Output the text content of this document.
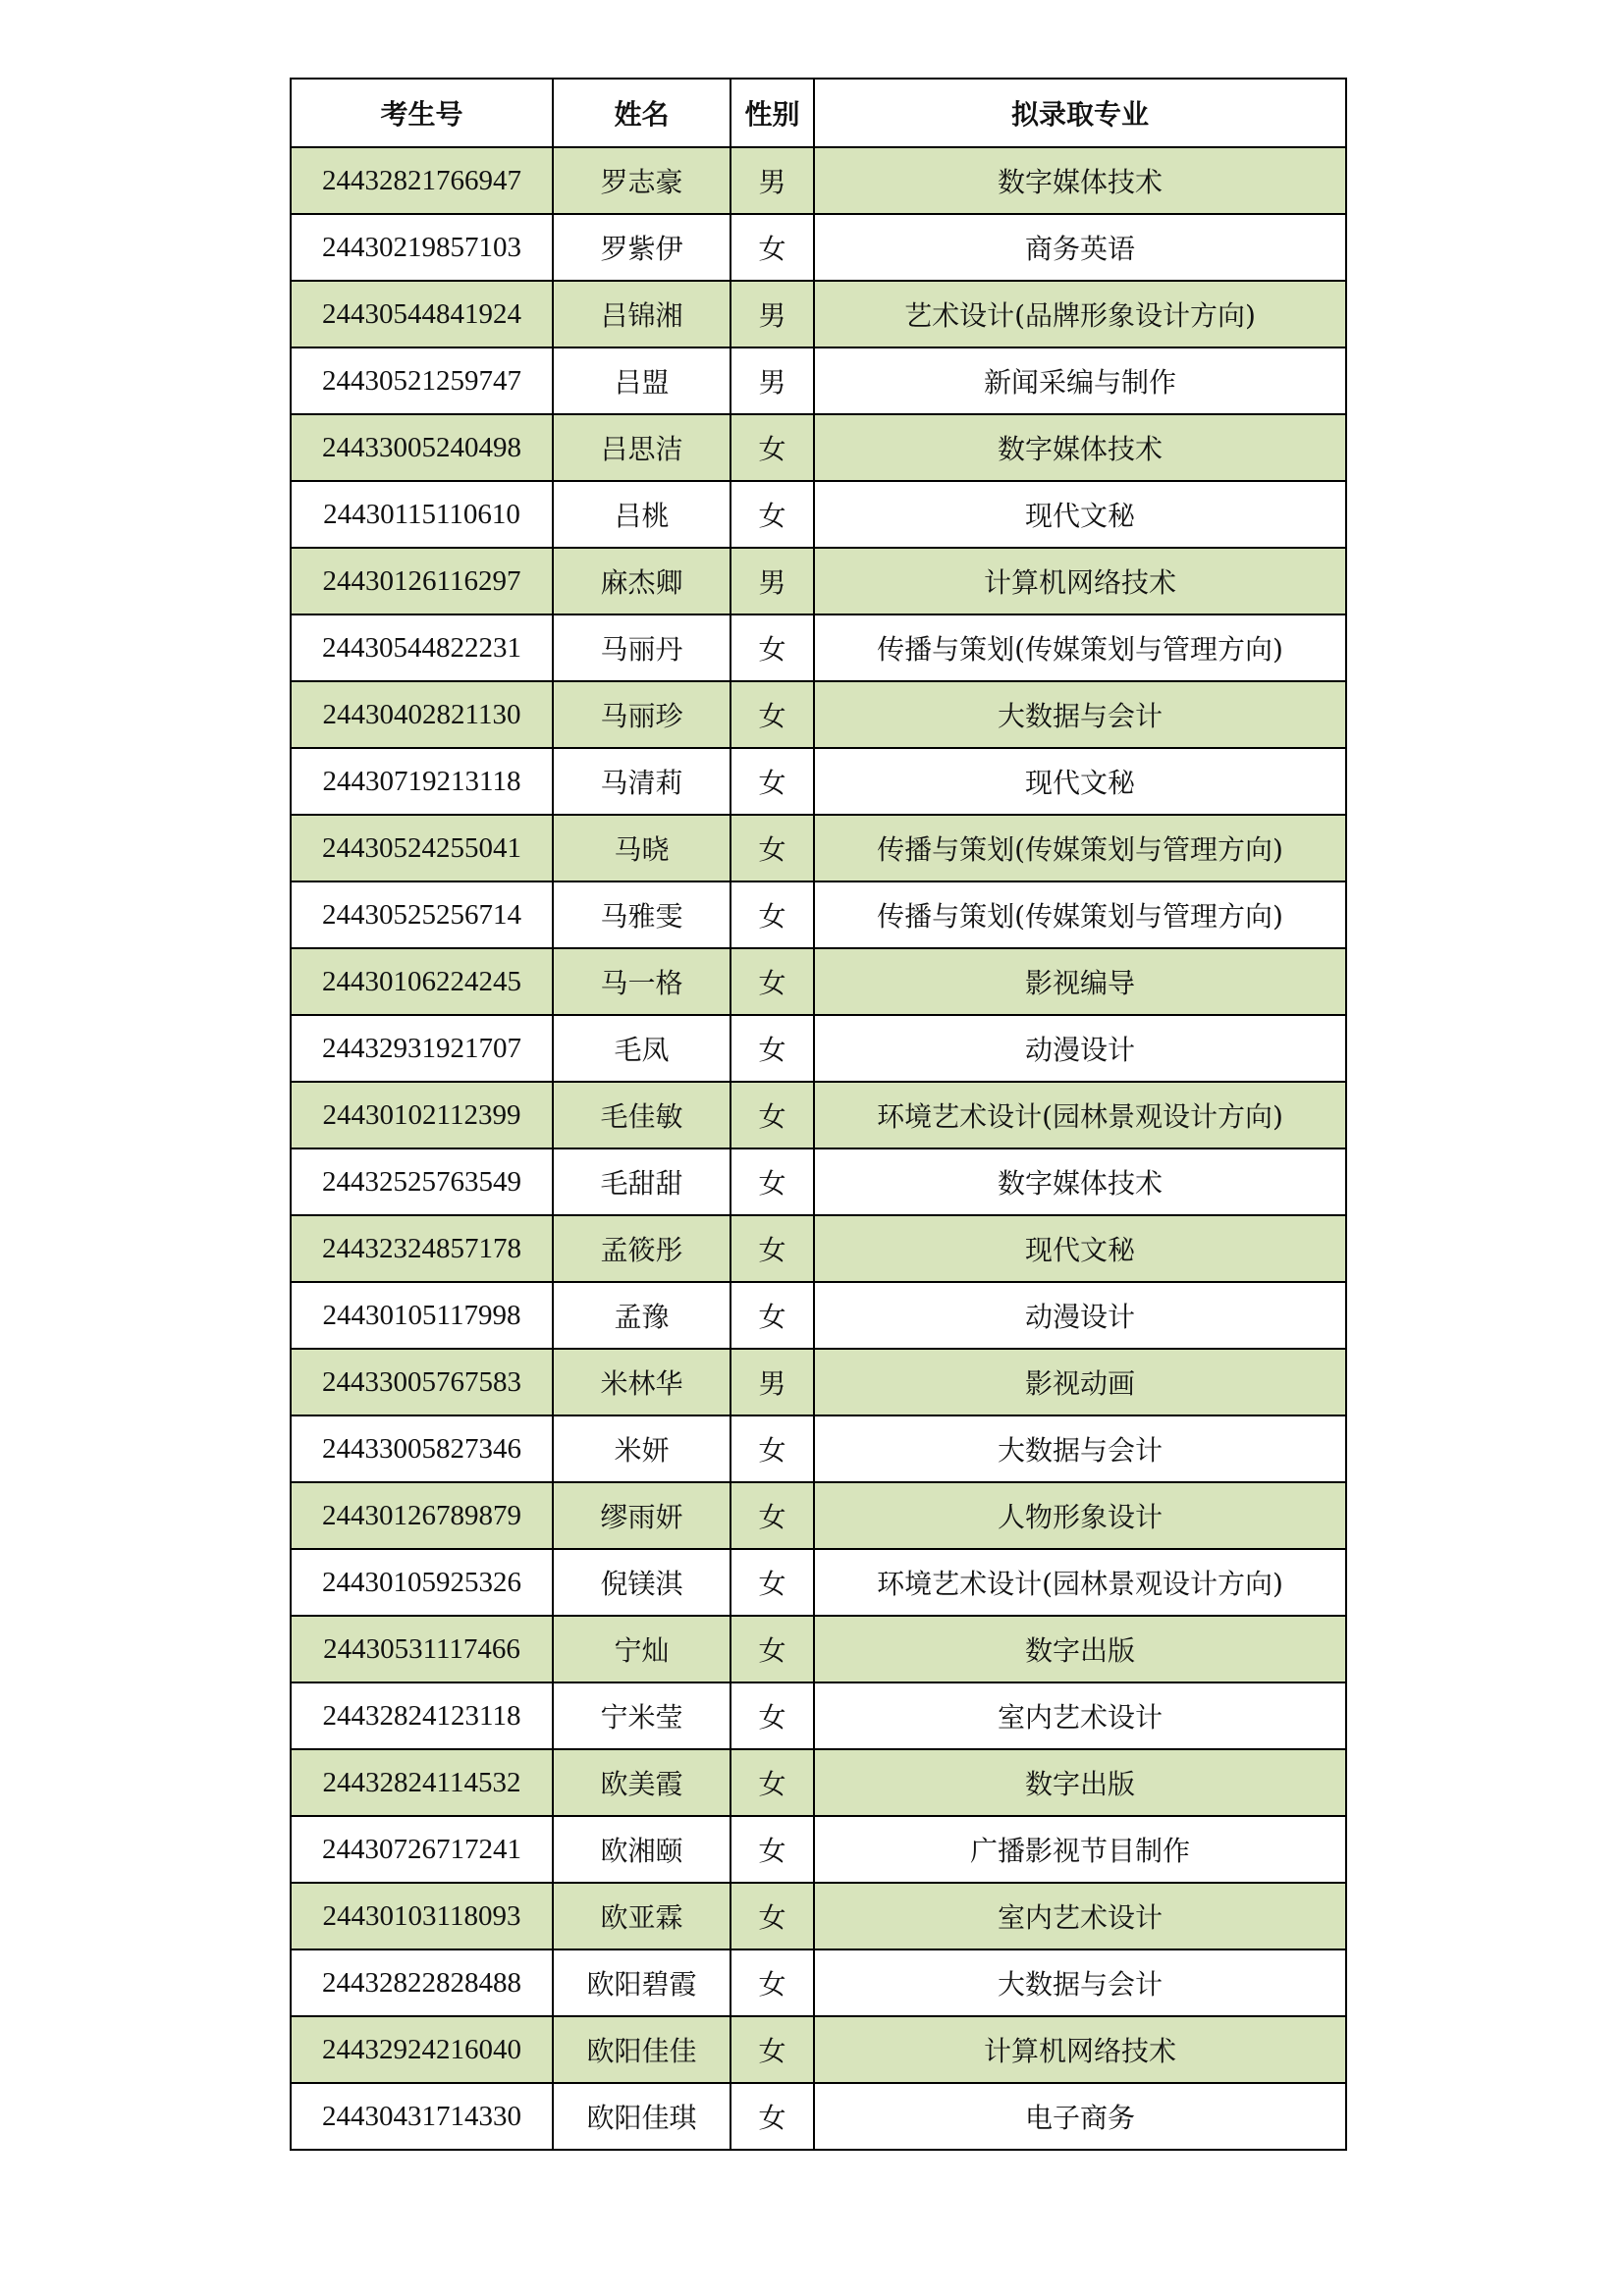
考生号	姓名	性别	拟录取专业
24432821766947	罗志豪	男	数字媒体技术
24430219857103	罗紫伊	女	商务英语
24430544841924	吕锦湘	男	艺术设计(品牌形象设计方向)
24430521259747	吕盟	男	新闻采编与制作
24433005240498	吕思洁	女	数字媒体技术
24430115110610	吕桃	女	现代文秘
24430126116297	麻杰卿	男	计算机网络技术
24430544822231	马丽丹	女	传播与策划(传媒策划与管理方向)
24430402821130	马丽珍	女	大数据与会计
24430719213118	马清莉	女	现代文秘
24430524255041	马晓	女	传播与策划(传媒策划与管理方向)
24430525256714	马雅雯	女	传播与策划(传媒策划与管理方向)
24430106224245	马一格	女	影视编导
24432931921707	毛凤	女	动漫设计
24430102112399	毛佳敏	女	环境艺术设计(园林景观设计方向)
24432525763549	毛甜甜	女	数字媒体技术
24432324857178	孟筱彤	女	现代文秘
24430105117998	孟豫	女	动漫设计
24433005767583	米林华	男	影视动画
24433005827346	米妍	女	大数据与会计
24430126789879	缪雨妍	女	人物形象设计
24430105925326	倪镁淇	女	环境艺术设计(园林景观设计方向)
24430531117466	宁灿	女	数字出版
24432824123118	宁米莹	女	室内艺术设计
24432824114532	欧美霞	女	数字出版
24430726717241	欧湘颐	女	广播影视节目制作
24430103118093	欧亚霖	女	室内艺术设计
24432822828488	欧阳碧霞	女	大数据与会计
24432924216040	欧阳佳佳	女	计算机网络技术
24430431714330	欧阳佳琪	女	电子商务
